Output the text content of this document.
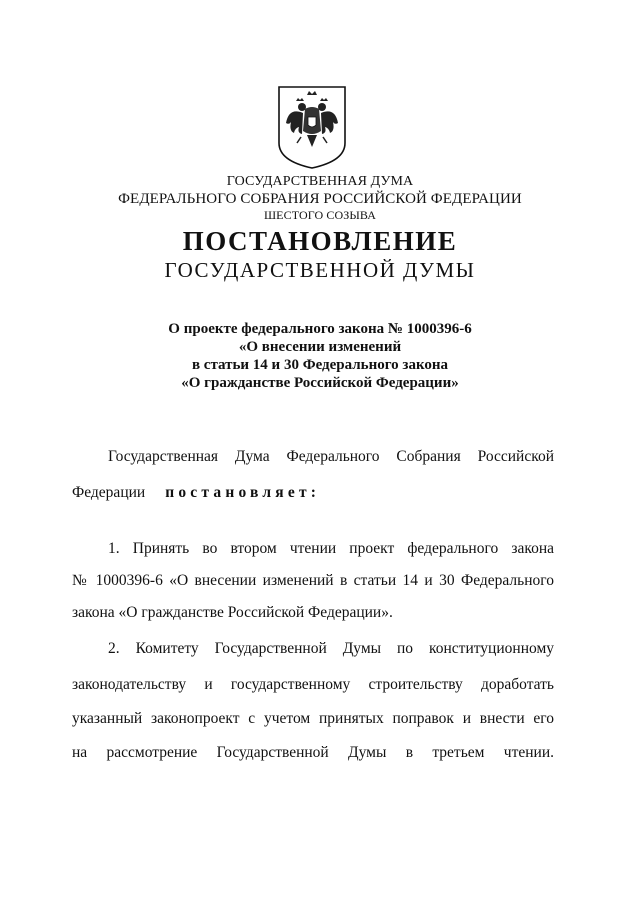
ГОСУДАРСТВЕННАЯ ДУМА
ФЕДЕРАЛЬНОГО СОБРАНИЯ РОССИЙСКОЙ ФЕДЕРАЦИИ
ШЕСТОГО СОЗЫВА
ПОСТАНОВЛЕНИЕ
ГОСУДАРСТВЕННОЙ ДУМЫ
О проекте федерального закона № 1000396-6
«О внесении изменений
в статьи 14 и 30 Федерального закона
«О гражданстве Российской Федерации»
Государственная Дума Федерального Собрания Российской
Федерации постановляет:
1. Принять во втором чтении проект федерального закона
№ 1000396-6 «О внесении изменений в статьи 14 и 30 Федерального
закона «О гражданстве Российской Федерации».
2. Комитету Государственной Думы по конституционному
законодательству и государственному строительству доработать
указанный законопроект с учетом принятых поправок и внести его
на рассмотрение Государственной Думы в третьем чтении.
